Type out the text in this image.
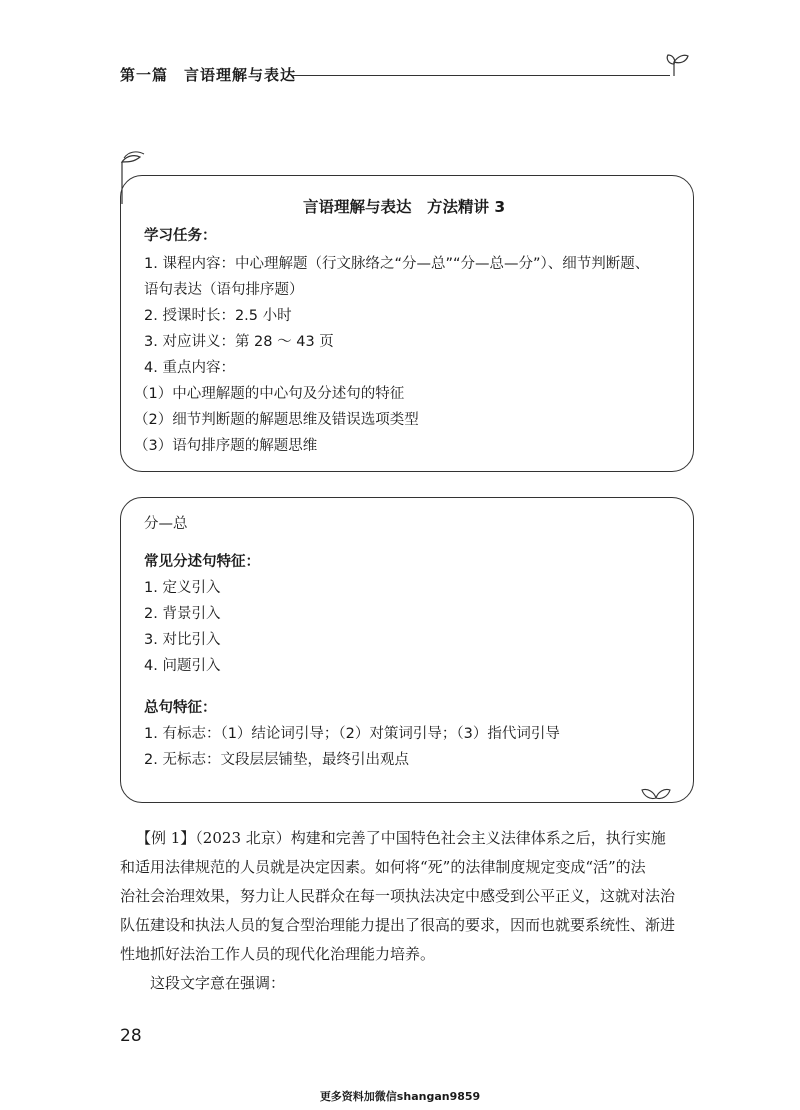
第一篇　言语理解与表达
言语理解与表达　方法精讲 3
学习任务：
1. 课程内容：中心理解题（行文脉络之“分—总”“分—总—分”）、细节判断题、
语句表达（语句排序题）
2. 授课时长：2.5 小时
3. 对应讲义：第 28 ～ 43 页
4. 重点内容：
（1）中心理解题的中心句及分述句的特征
（2）细节判断题的解题思维及错误选项类型
（3）语句排序题的解题思维
分—总
常见分述句特征：
1. 定义引入
2. 背景引入
3. 对比引入
4. 问题引入
总句特征：
1. 有标志：（1）结论词引导；（2）对策词引导；（3）指代词引导
2. 无标志：文段层层铺垫，最终引出观点
【例 1】（2023 北京）构建和完善了中国特色社会主义法律体系之后，执行实施
和适用法律规范的人员就是决定因素。如何将“死”的法律制度规定变成“活”的法
治社会治理效果，努力让人民群众在每一项执法决定中感受到公平正义，这就对法治
队伍建设和执法人员的复合型治理能力提出了很高的要求，因而也就要系统性、渐进
性地抓好法治工作人员的现代化治理能力培养。
这段文字意在强调：
28
更多资料加微信shangan9859
